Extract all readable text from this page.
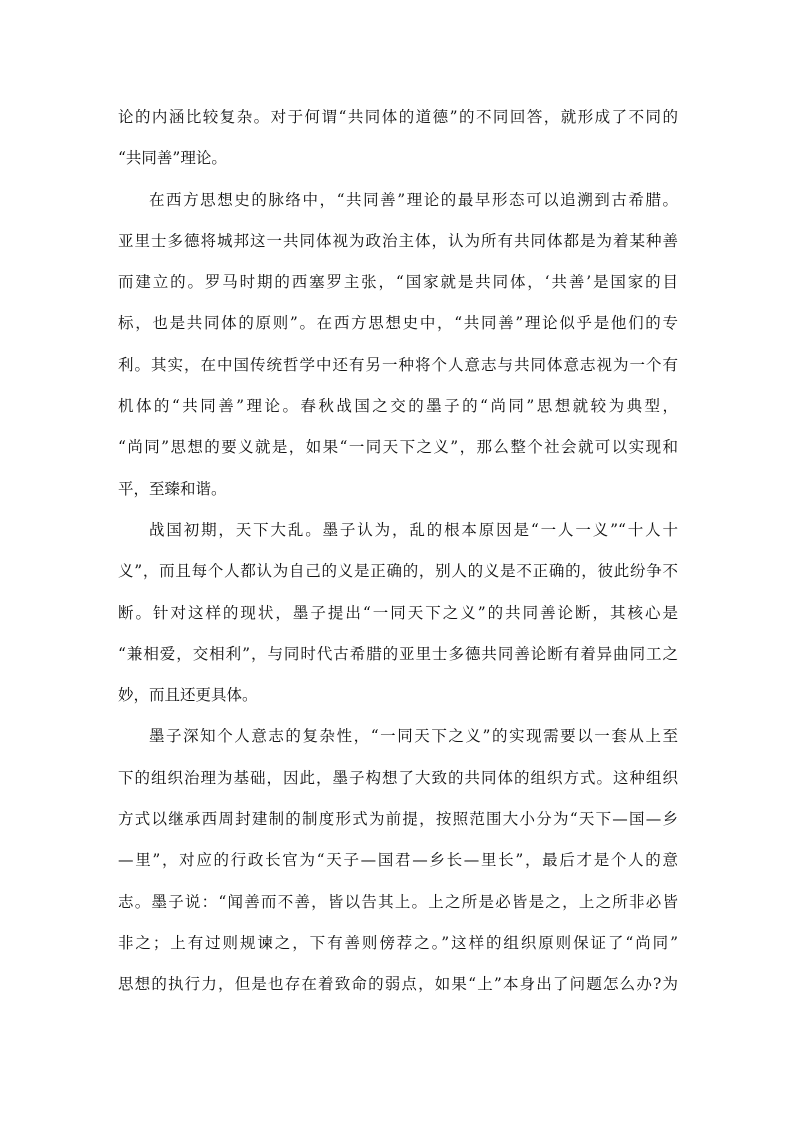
论的内涵比较复杂。对于何谓“共同体的道德”的不同回答，就形成了不同的
“共同善”理论。
在西方思想史的脉络中，“共同善”理论的最早形态可以追溯到古希腊。
亚里士多德将城邦这一共同体视为政治主体，认为所有共同体都是为着某种善
而建立的。罗马时期的西塞罗主张，“国家就是共同体，‘共善’是国家的目
标，也是共同体的原则”。在西方思想史中，“共同善”理论似乎是他们的专
利。其实，在中国传统哲学中还有另一种将个人意志与共同体意志视为一个有
机体的“共同善”理论。春秋战国之交的墨子的“尚同”思想就较为典型，
“尚同”思想的要义就是，如果“一同天下之义”，那么整个社会就可以实现和
平，至臻和谐。
战国初期，天下大乱。墨子认为，乱的根本原因是“一人一义”“十人十
义”，而且每个人都认为自己的义是正确的，别人的义是不正确的，彼此纷争不
断。针对这样的现状，墨子提出“一同天下之义”的共同善论断，其核心是
“兼相爱，交相利”，与同时代古希腊的亚里士多德共同善论断有着异曲同工之
妙，而且还更具体。
墨子深知个人意志的复杂性，“一同天下之义”的实现需要以一套从上至
下的组织治理为基础，因此，墨子构想了大致的共同体的组织方式。这种组织
方式以继承西周封建制的制度形式为前提，按照范围大小分为“天下—国—乡
—里”，对应的行政长官为“天子—国君—乡长—里长”，最后才是个人的意
志。墨子说：“闻善而不善，皆以告其上。上之所是必皆是之，上之所非必皆
非之；上有过则规谏之，下有善则傍荐之。”这样的组织原则保证了“尚同”
思想的执行力，但是也存在着致命的弱点，如果“上”本身出了问题怎么办?为
